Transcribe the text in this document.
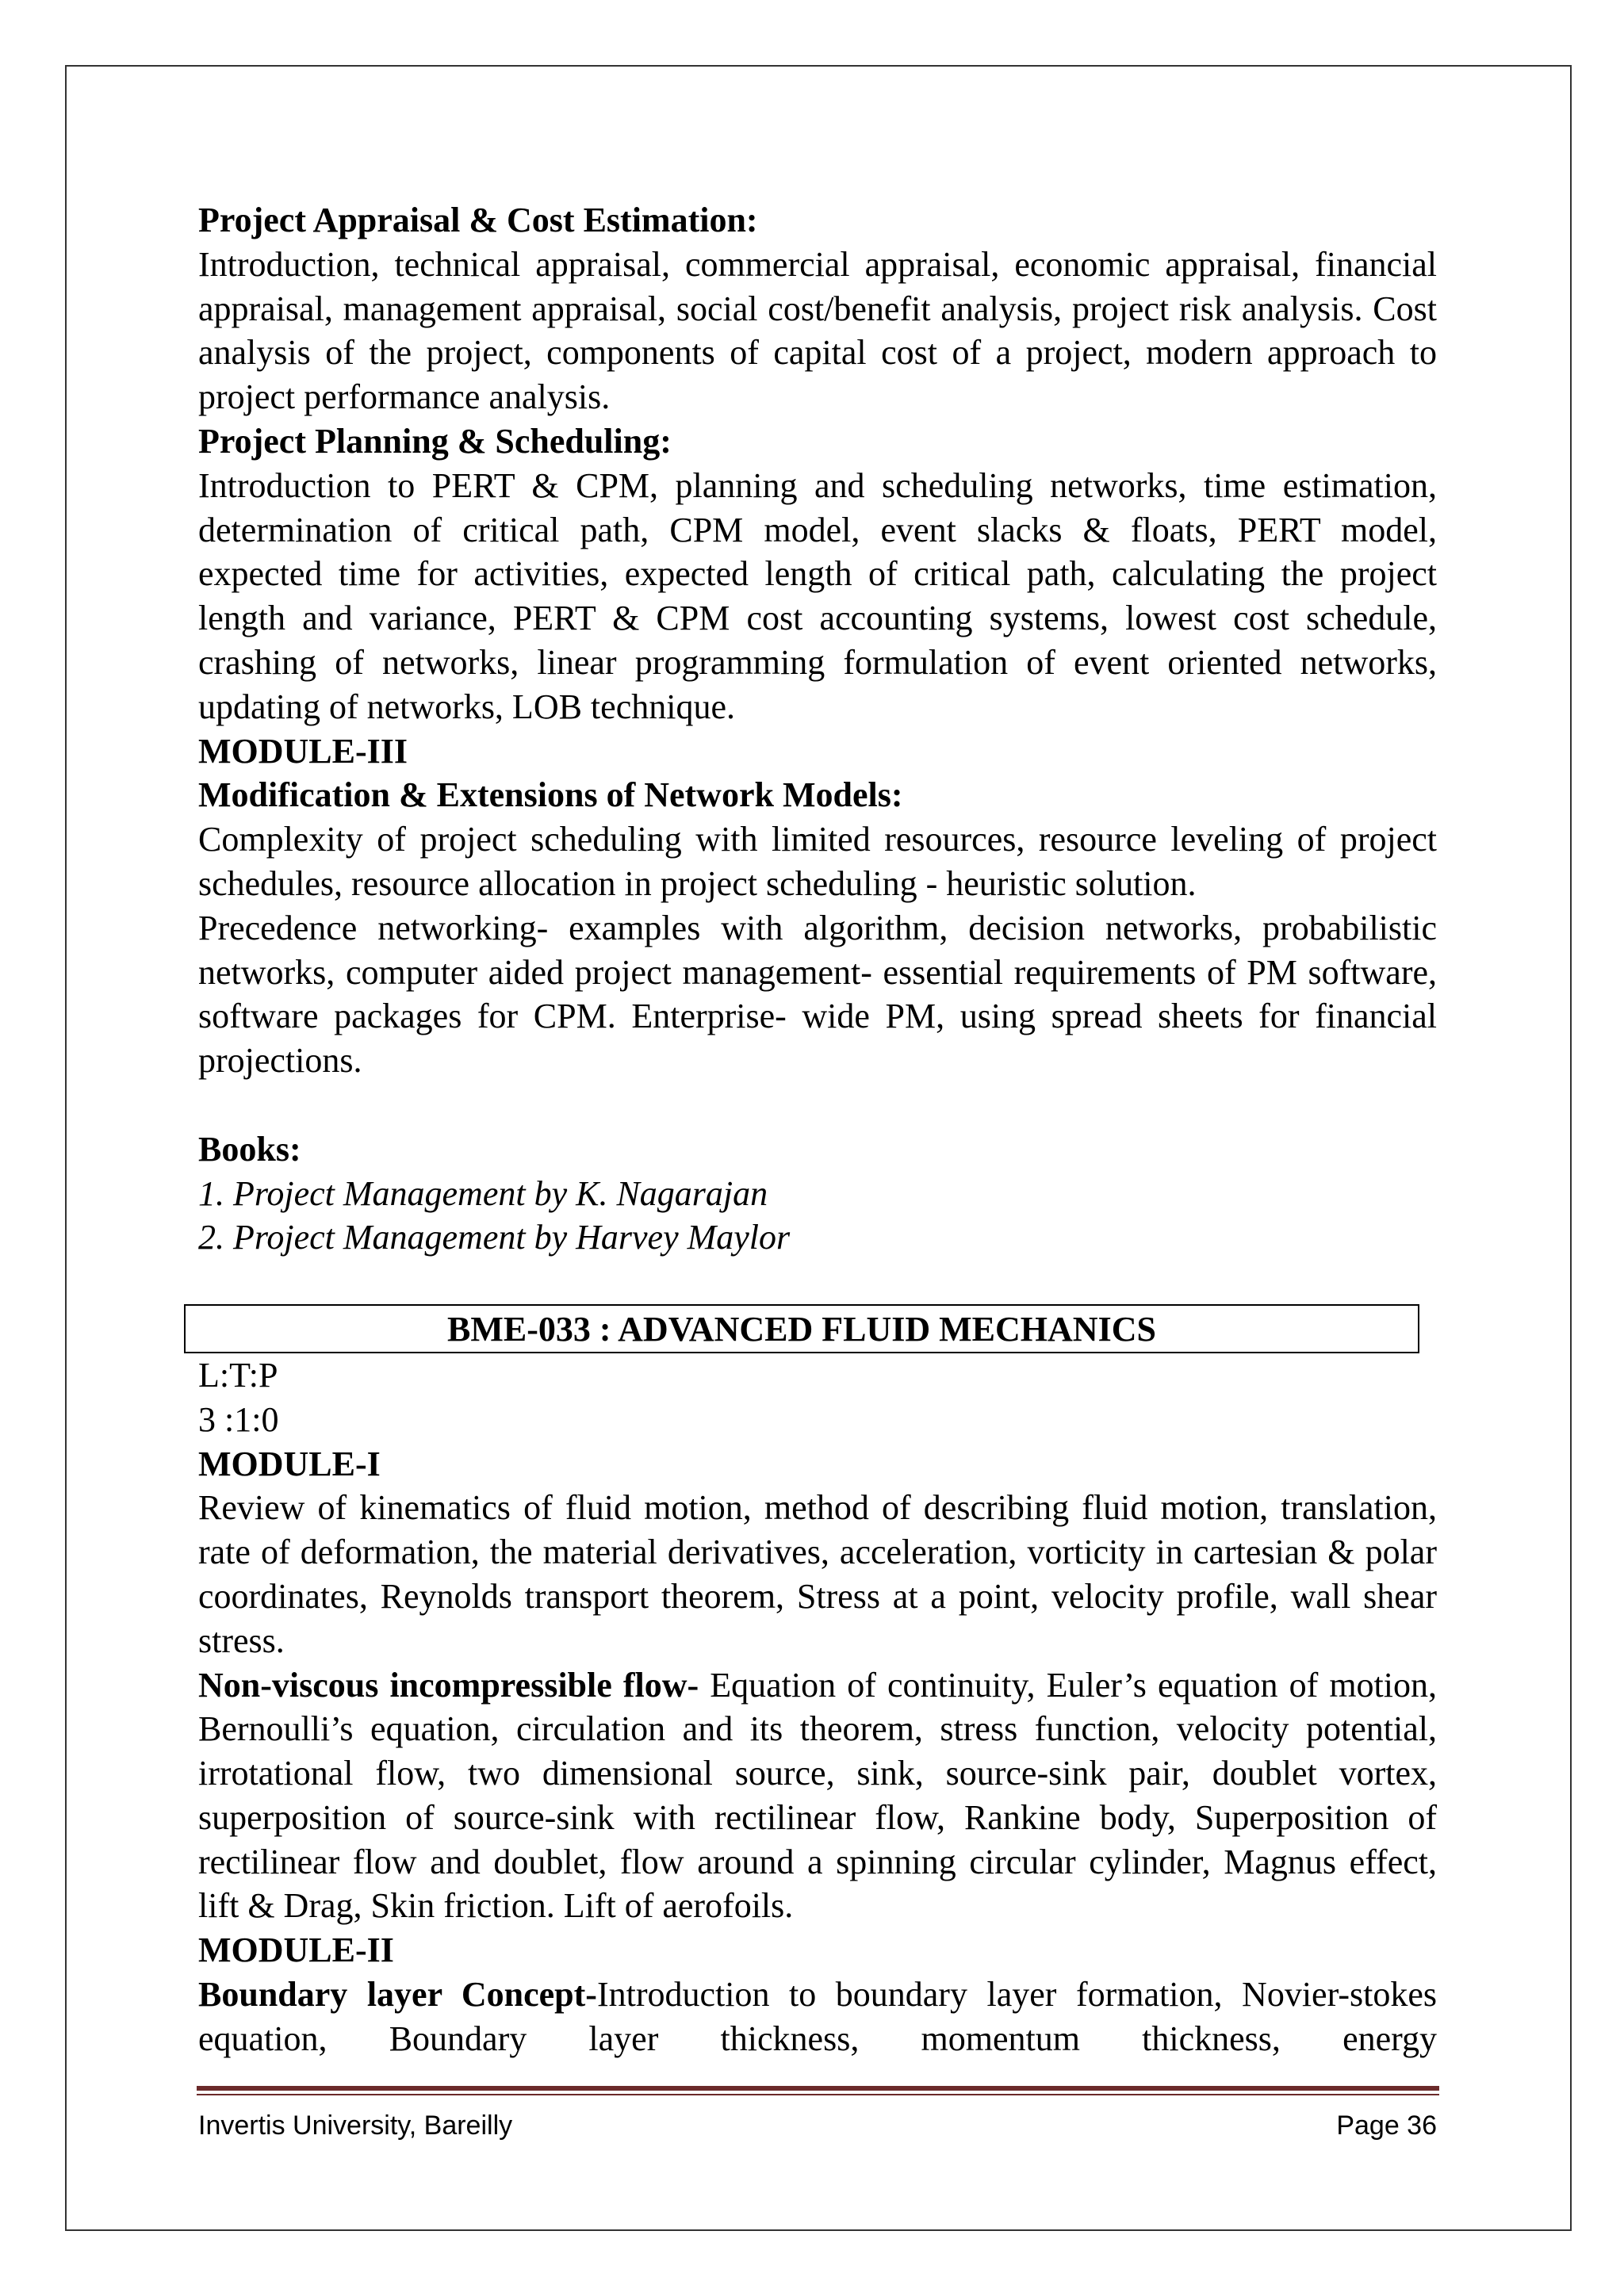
Project Appraisal & Cost Estimation:

Introduction, technical appraisal, commercial appraisal, economic appraisal, financial appraisal, management appraisal, social cost/benefit analysis, project risk analysis. Cost analysis of the project, components of capital cost of a project, modern approach to project performance analysis.

Project Planning & Scheduling:

Introduction to PERT & CPM, planning and scheduling networks, time estimation, determination of critical path, CPM model, event slacks & floats, PERT model, expected time for activities, expected length of critical path, calculating the project length and variance, PERT & CPM cost accounting systems, lowest cost schedule, crashing of networks, linear programming formulation of event oriented networks, updating of networks, LOB technique.

MODULE-III

Modification & Extensions of Network Models:

Complexity of project scheduling with limited resources, resource leveling of project schedules, resource allocation in project scheduling - heuristic solution.

Precedence networking- examples with algorithm, decision networks, probabilistic networks, computer aided project management- essential requirements of PM software, software packages for CPM. Enterprise- wide PM, using spread sheets for financial projections.

Books:

1. Project Management by K. Nagarajan

2. Project Management by Harvey Maylor

BME-033 : ADVANCED FLUID MECHANICS

L:T:P

3 :1:0

MODULE-I

Review of kinematics of fluid motion, method of describing fluid motion, translation, rate of deformation, the material derivatives, acceleration, vorticity in cartesian & polar coordinates, Reynolds transport theorem, Stress at a point, velocity profile, wall shear stress.

Non-viscous incompressible flow- Equation of continuity, Euler’s equation of motion, Bernoulli’s equation, circulation and its theorem, stress function, velocity potential, irrotational flow, two dimensional source, sink, source-sink pair, doublet vortex, superposition of source-sink with rectilinear flow, Rankine body, Superposition of rectilinear flow and doublet, flow around a spinning circular cylinder, Magnus effect, lift & Drag, Skin friction. Lift of aerofoils.

MODULE-II

Boundary layer Concept-Introduction to boundary layer formation, Novier-stokes equation, Boundary layer thickness, momentum thickness, energy

Invertis University, Bareilly	Page 36
